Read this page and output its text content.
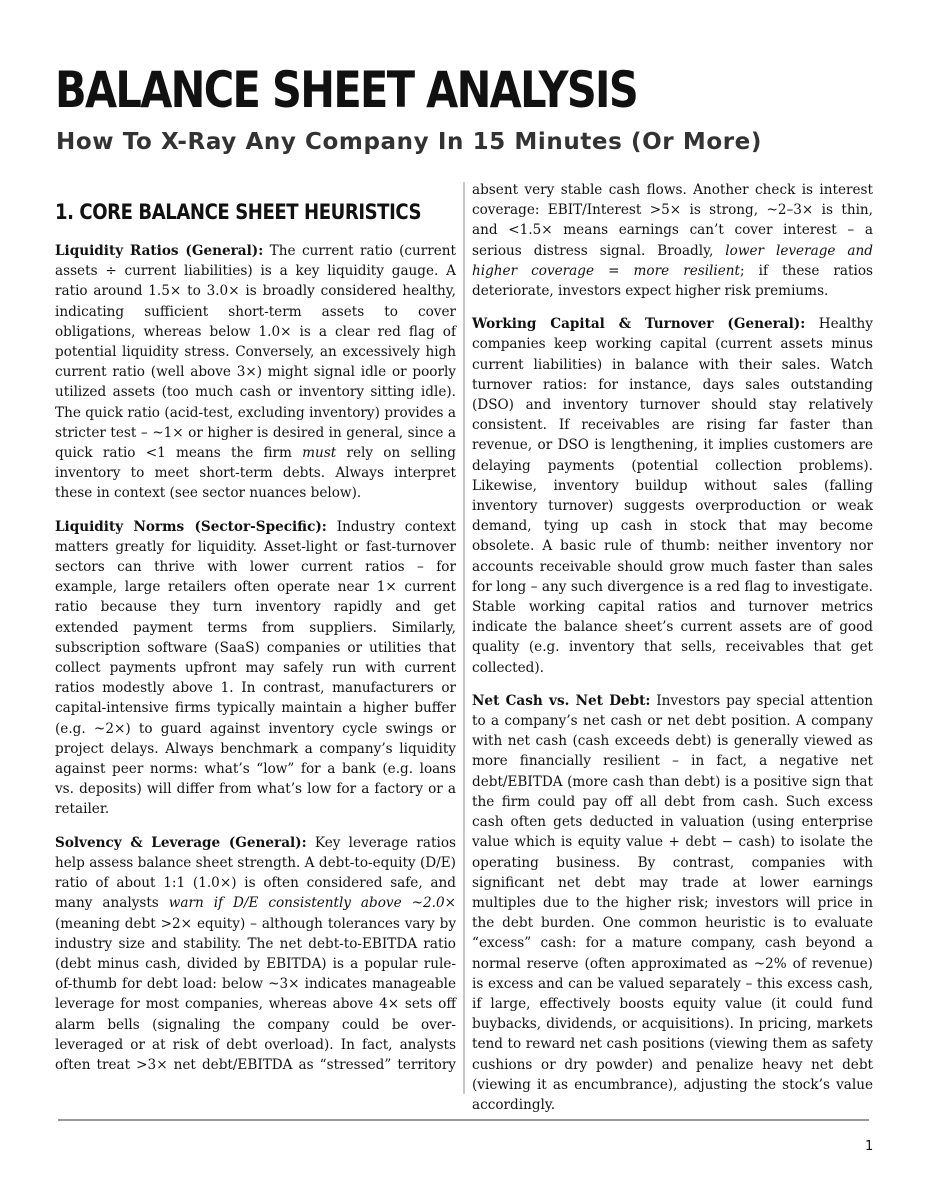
BALANCE SHEET ANALYSIS
How To X-Ray Any Company In 15 Minutes (Or More)
1. CORE BALANCE SHEET HEURISTICS

Liquidity Ratios (General): The current ratio (current assets ÷ current liabilities) is a key liquidity gauge. A ratio around 1.5× to 3.0× is broadly considered healthy, indicating sufficient short-term assets to cover obligations, whereas below 1.0× is a clear red flag of potential liquidity stress. Conversely, an excessively high current ratio (well above 3×) might signal idle or poorly utilized assets (too much cash or inventory sitting idle). The quick ratio (acid-test, excluding inventory) provides a stricter test – ~1× or higher is desired in general, since a quick ratio <1 means the firm must rely on selling inventory to meet short-term debts. Always interpret these in context (see sector nuances below).

Liquidity Norms (Sector-Specific): Industry context matters greatly for liquidity. Asset-light or fast-turnover sectors can thrive with lower current ratios – for example, large retailers often operate near 1× current ratio because they turn inventory rapidly and get extended payment terms from suppliers. Similarly, subscription software (SaaS) companies or utilities that collect payments upfront may safely run with current ratios modestly above 1. In contrast, manufacturers or capital-intensive firms typically maintain a higher buffer (e.g. ~2×) to guard against inventory cycle swings or project delays. Always benchmark a company’s liquidity against peer norms: what’s “low” for a bank (e.g. loans vs. deposits) will differ from what’s low for a factory or a retailer.

Solvency & Leverage (General): Key leverage ratios help assess balance sheet strength. A debt-to-equity (D/E) ratio of about 1:1 (1.0×) is often considered safe, and many analysts warn if D/E consistently above ~2.0× (meaning debt >2× equity) – although tolerances vary by industry size and stability. The net debt-to-EBITDA ratio (debt minus cash, divided by EBITDA) is a popular rule-of-thumb for debt load: below ~3× indicates manageable leverage for most companies, whereas above 4× sets off alarm bells (signaling the company could be over-leveraged or at risk of debt overload). In fact, analysts often treat >3× net debt/EBITDA as “stressed” territory

absent very stable cash flows. Another check is interest coverage: EBIT/Interest >5× is strong, ~2–3× is thin, and <1.5× means earnings can’t cover interest – a serious distress signal. Broadly, lower leverage and higher coverage = more resilient; if these ratios deteriorate, investors expect higher risk premiums.

Working Capital & Turnover (General): Healthy companies keep working capital (current assets minus current liabilities) in balance with their sales. Watch turnover ratios: for instance, days sales outstanding (DSO) and inventory turnover should stay relatively consistent. If receivables are rising far faster than revenue, or DSO is lengthening, it implies customers are delaying payments (potential collection problems). Likewise, inventory buildup without sales (falling inventory turnover) suggests overproduction or weak demand, tying up cash in stock that may become obsolete. A basic rule of thumb: neither inventory nor accounts receivable should grow much faster than sales for long – any such divergence is a red flag to investigate. Stable working capital ratios and turnover metrics indicate the balance sheet’s current assets are of good quality (e.g. inventory that sells, receivables that get collected).

Net Cash vs. Net Debt: Investors pay special attention to a company’s net cash or net debt position. A company with net cash (cash exceeds debt) is generally viewed as more financially resilient – in fact, a negative net debt/EBITDA (more cash than debt) is a positive sign that the firm could pay off all debt from cash. Such excess cash often gets deducted in valuation (using enterprise value which is equity value + debt − cash) to isolate the operating business. By contrast, companies with significant net debt may trade at lower earnings multiples due to the higher risk; investors will price in the debt burden. One common heuristic is to evaluate “excess” cash: for a mature company, cash beyond a normal reserve (often approximated as ~2% of revenue) is excess and can be valued separately – this excess cash, if large, effectively boosts equity value (it could fund buybacks, dividends, or acquisitions). In pricing, markets tend to reward net cash positions (viewing them as safety cushions or dry powder) and penalize heavy net debt (viewing it as encumbrance), adjusting the stock’s value accordingly.

1
